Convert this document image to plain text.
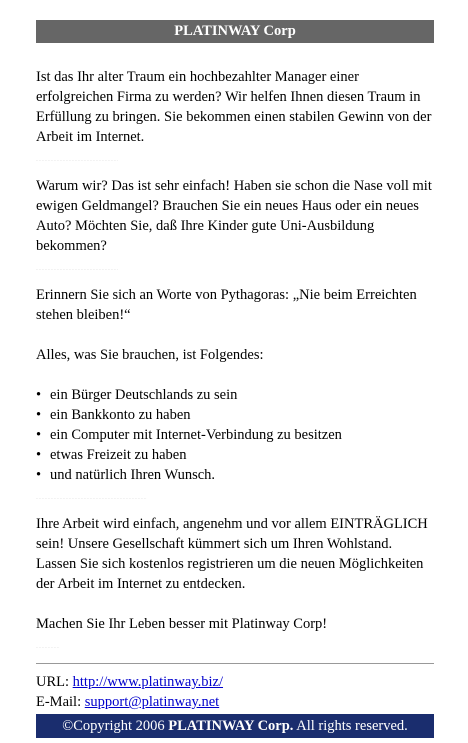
PLATINWAY Corp

Ist das Ihr alter Traum ein hochbezahlter Manager einer erfolgreichen Firma zu werden? Wir helfen Ihnen diesen Traum in Erfüllung zu bringen. Sie bekommen einen stabilen Gewinn von der Arbeit im Internet.

. . . . . . . . . . . . . . . . . . . . . . . . . . . . . . . . . . . . . . . . . . . . . . . . . . . . . . .

Warum wir? Das ist sehr einfach! Haben sie schon die Nase voll mit ewigen Geldmangel? Brauchen Sie ein neues Haus oder ein neues Auto? Möchten Sie, daß Ihre Kinder gute Uni-Ausbildung bekommen?

. . . . . . . . . . . . . . . . . . . . . . . . . . . . . . . . . . . . . . . . . . . . . . . . . . . . . . .

Erinnern Sie sich an Worte von Pythagoras: „Nie beim Erreichten stehen bleiben!“

Alles, was Sie brauchen, ist Folgendes:

• ein Bürger Deutschlands zu sein
• ein Bankkonto zu haben
• ein Computer mit Internet-Verbindung zu besitzen
• etwas Freizeit zu haben
• und natürlich Ihren Wunsch.
. . . . . . . . . . . . . . . . . . . . . . . . . . . . . . . . . . . . . . . . . . . . . . . . . . . . . . . . . . . . . . . . . . . . . . . . . .

Ihre Arbeit wird einfach, angenehm und vor allem EINTRÄGLICH sein! Unsere Gesellschaft kümmert sich um Ihren Wohlstand. Lassen Sie sich kostenlos registrieren um die neuen Möglichkeiten der Arbeit im Internet zu entdecken.

Machen Sie Ihr Leben besser mit Platinway Corp!

. . . . . . . . . . . . . . . .
URL: http://www.platinway.biz/
E-Mail: support@platinway.net
©Copyright 2006 PLATINWAY Corp. All rights reserved.
